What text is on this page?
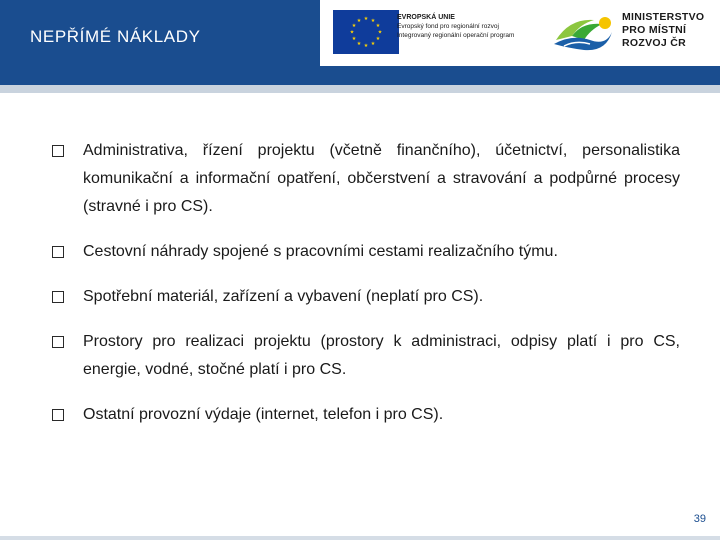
NEPŘÍMÉ NÁKLADY
★ ★
★
★
★
★
★
★
★
★
★
★	EVROPSKÁ UNIE
Evropský fond pro regionální rozvoj
Integrovaný regionální operační program
MINISTERSTVO
PRO MÍSTNÍ
ROZVOJ ČR
Administrativa, řízení projektu (včetně finančního), účetnictví, personalistika komunikační a informační opatření, občerstvení a stravování a podpůrné procesy (stravné i pro CS).
Cestovní náhrady spojené s pracovními cestami realizačního týmu.
Spotřební materiál, zařízení a vybavení (neplatí pro CS).
Prostory pro realizaci projektu (prostory k administraci, odpisy platí i pro CS, energie, vodné, stočné platí i pro CS.
Ostatní provozní výdaje (internet, telefon i pro CS).
39
